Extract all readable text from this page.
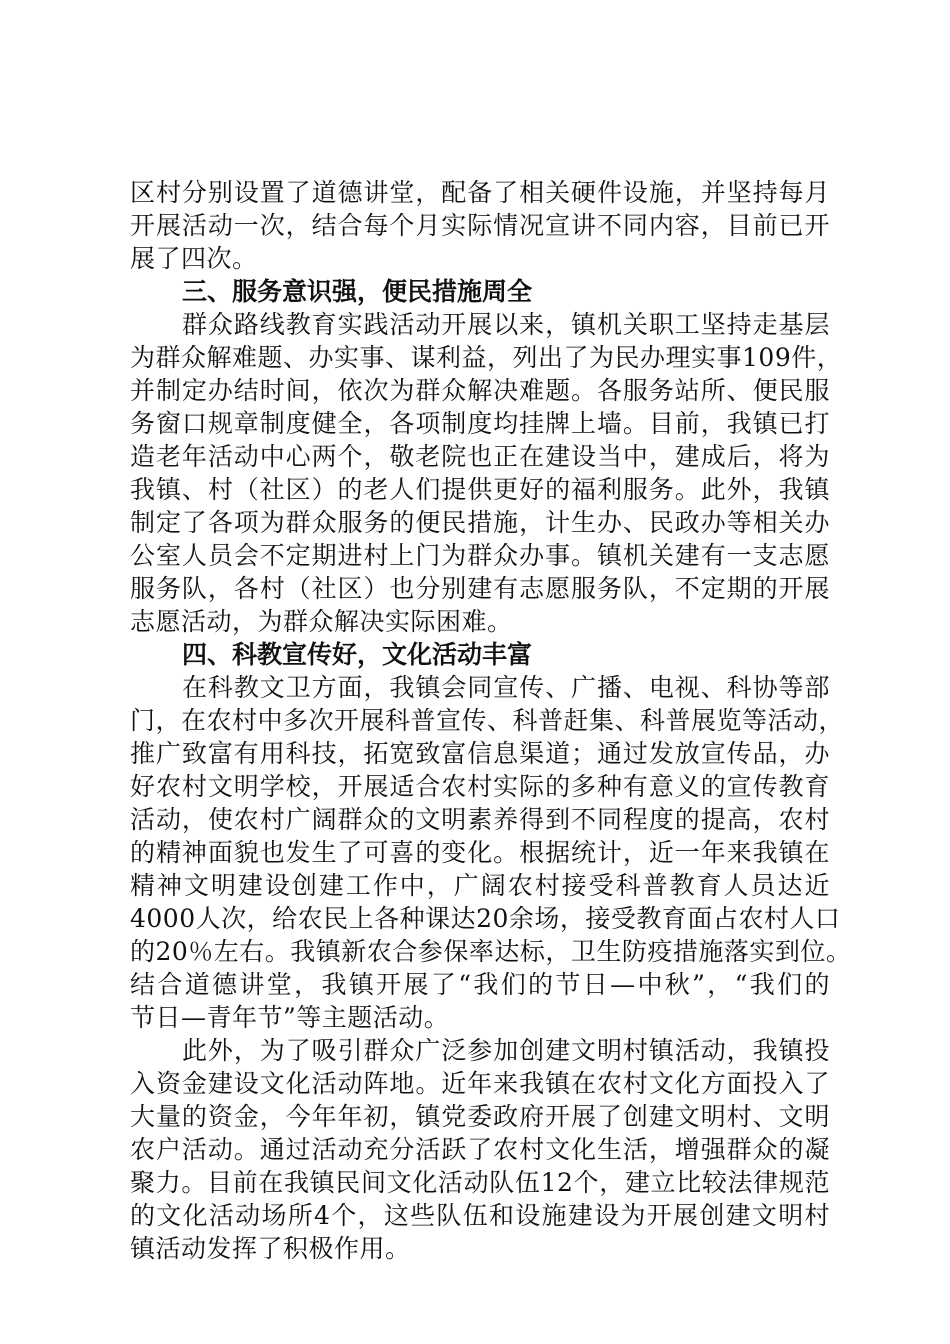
区村分别设置了道德讲堂，配备了相关硬件设施，并坚持每月
开展活动一次，结合每个月实际情况宣讲不同内容，目前已开
展了四次。
三、服务意识强，便民措施周全
群众路线教育实践活动开展以来，镇机关职工坚持走基层
为群众解难题、办实事、谋利益，列出了为民办理实事109件，
并制定办结时间，依次为群众解决难题。各服务站所、便民服
务窗口规章制度健全，各项制度均挂牌上墙。目前，我镇已打
造老年活动中心两个，敬老院也正在建设当中，建成后，将为
我镇、村（社区）的老人们提供更好的福利服务。此外，我镇
制定了各项为群众服务的便民措施，计生办、民政办等相关办
公室人员会不定期进村上门为群众办事。镇机关建有一支志愿
服务队，各村（社区）也分别建有志愿服务队，不定期的开展
志愿活动，为群众解决实际困难。
四、科教宣传好，文化活动丰富
在科教文卫方面，我镇会同宣传、广播、电视、科协等部
门，在农村中多次开展科普宣传、科普赶集、科普展览等活动，
推广致富有用科技，拓宽致富信息渠道；通过发放宣传品，办
好农村文明学校，开展适合农村实际的多种有意义的宣传教育
活动，使农村广阔群众的文明素养得到不同程度的提高，农村
的精神面貌也发生了可喜的变化。根据统计，近一年来我镇在
精神文明建设创建工作中，广阔农村接受科普教育人员达近
4000人次，给农民上各种课达20余场，接受教育面占农村人口
的20％左右。我镇新农合参保率达标，卫生防疫措施落实到位。
结合道德讲堂，我镇开展了“我们的节日—中秋”，“我们的
节日—青年节”等主题活动。
此外，为了吸引群众广泛参加创建文明村镇活动，我镇投
入资金建设文化活动阵地。近年来我镇在农村文化方面投入了
大量的资金，今年年初，镇党委政府开展了创建文明村、文明
农户活动。通过活动充分活跃了农村文化生活，增强群众的凝
聚力。目前在我镇民间文化活动队伍12个，建立比较法律规范
的文化活动场所4个，这些队伍和设施建设为开展创建文明村
镇活动发挥了积极作用。
